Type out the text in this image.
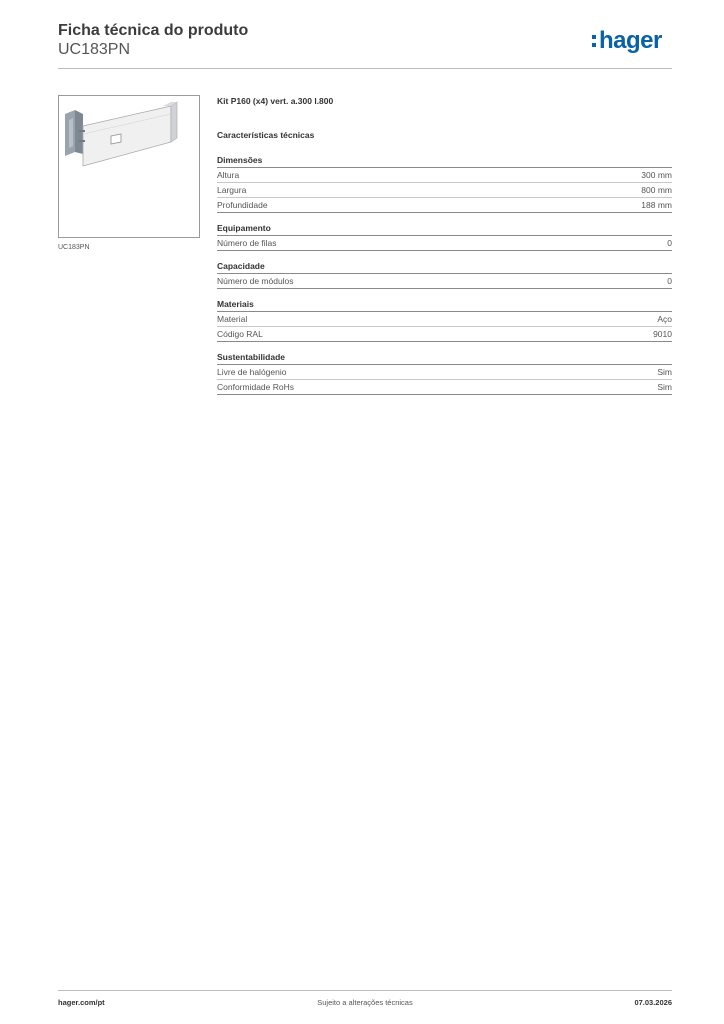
Ficha técnica do produto
UC183PN	hager
UC183PN
Kit P160 (x4) vert. a.300 l.800
Características técnicas
Dimensões
Altura	300 mm
Largura	800 mm
Profundidade	188 mm
Equipamento
Número de filas	0
Capacidade
Número de módulos	0
Materiais
Material	Aço
Código RAL	9010
Sustentabilidade
Livre de halógenio	Sim
Conformidade RoHs	Sim
Sujeito a alterações técnicas
hager.com/pt	07.03.2026
